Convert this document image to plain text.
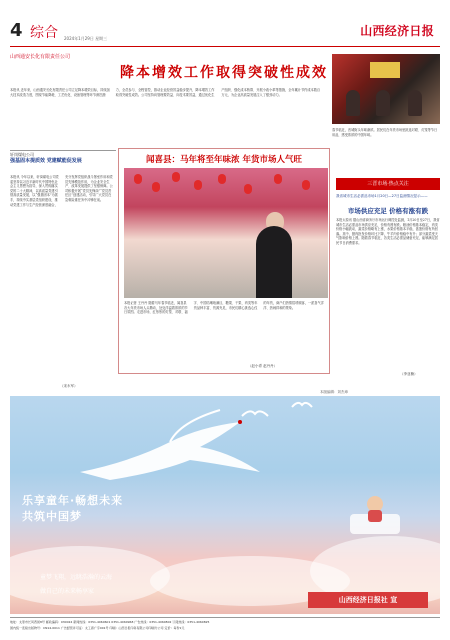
4 综合 2024年1月29日 星期三
山西经济日报
山西通安长化有限责任公司
降本增效工作取得突破性成效
本报讯 近年来，山西通安长化有限责任公司立足降本增效目标，持续加大技术改造力度，围绕节能降耗、工艺优化、设备管理等环节深挖潜力，全员参与、全程管控，推动企业经营效益稳步提升，降本增效工作取得突破性成效。公司坚持向管理要效益、向技术要效益，通过优化生产组织、强化成本核算、开展小改小革等措施，全年累计节约成本数百万元，为企业高质量发展注入了强劲动力。
春节临近，晋城街头年味渐浓。居民们在年货市场里挑选对联、灯笼等节日用品，感受浓浓的中国年味。
轩岗煤电公司
强基固本提质效 党建赋能促发展
本报讯 今年以来，轩岗煤电公司党委坚持以习近平新时代中国特色社会主义思想为指导，深入贯彻落实党的二十大精神，以高质量党建引领高质量发展，以“强基固本”为抓手，持续夯实基层党组织建设，推动党建工作与生产经营深度融合，充分发挥党组织战斗堡垒作用和党员先锋模范作用，为企业安全生产、改革发展提供了坚强保障。公司积极开展“党员先锋岗”“党员责任区”创建活动，引导广大党员在急难险重任务中冲锋在前。
（宋永军）
闻喜县：马年将至年味浓 年货市场人气旺
本报记者 王丹丹 随着马年春节临近，闻喜县各大年货市场人头攒动，处处洋溢着浓浓的节日氛围。走进市场，红彤彤的灯笼、对联、福字、中国结琳琅满目，糖果、干果、肉类等年货品种丰富、货源充足，市民们精心挑选心仪的年货，商户们热情招呼顾客，一派喜气洋洋、热闹祥和的景象。
（赵小青 赵丹丹）
三晋市场·热点关注
我省城市生活必需品市场1月20日—27日监测情况显示——
市场供应充足 价格有涨有跌
本报太原讯 据山西省商务厅市场运行调控处监测，1月20日至27日，我省城市生活必需品市场供应充足，价格有涨有跌。粮油价格基本稳定，肉类价格小幅波动，蔬菜价格略有上涨，水果价格基本平稳，禽蛋价格有所回落。其中，猪肉批发价格环比下降，牛羊肉价格稳中有升；部分蔬菜受天气影响价格上涨。随着春节临近，各类生活必需品储备充足，能够满足居民节日消费需求。
（李亚楠）
本版编辑：刘杰章
乐享童年·畅想未来
共筑中国梦
童梦飞翔，远眺浩瀚的云海
做自己的未来畅享家
山西经济日报社 宣
地址：太原市长风西街8号 邮政编码：030024 新闻热线：0351-4060601 0351-4060968 广告热线：0351-4060802 订阅热线：0351-4060825
国内统一连续出版物号：CN14-0011 广告经营许可证：太工商广字001号 印刷：山西日报印务有限公司印刷分公司 定价：每份1元
